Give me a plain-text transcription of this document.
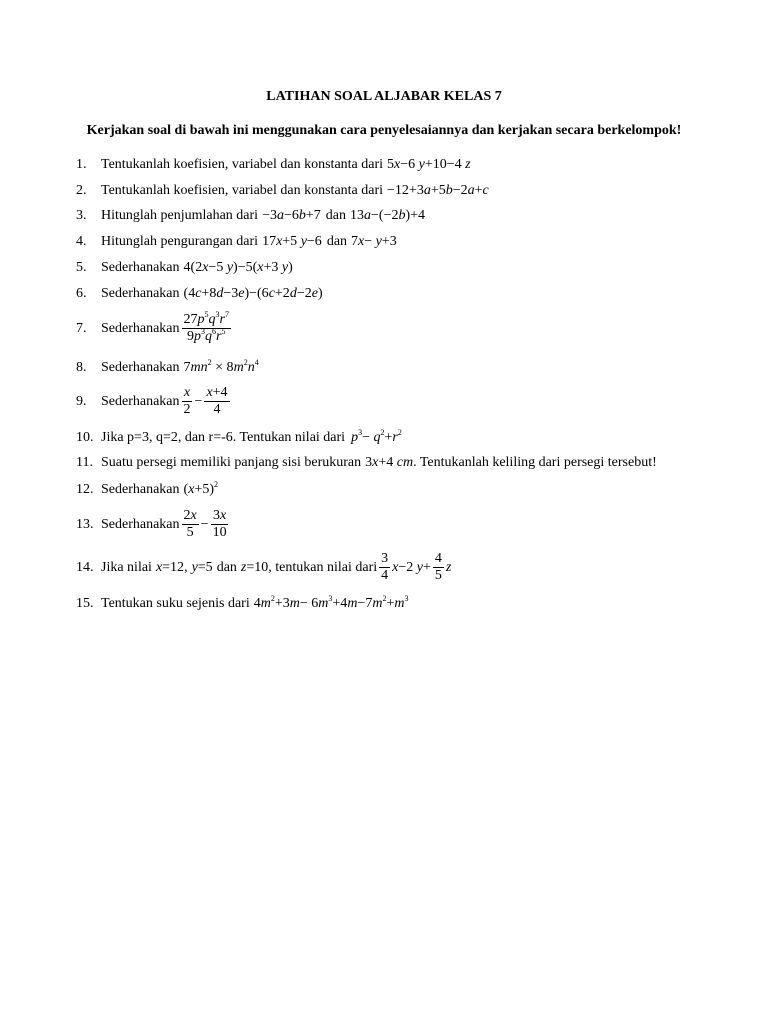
LATIHAN SOAL ALJABAR KELAS 7
Kerjakan soal di bawah ini menggunakan cara penyelesaiannya dan kerjakan secara berkelompok!
1.	Tentukanlah koefisien, variabel dan konstanta dari 5x−6 y+10−4 z
2.	Tentukanlah koefisien, variabel dan konstanta dari −12+3a+5b−2a+c
3.	Hitunglah penjumlahan dari −3a−6b+7 dan 13a−(−2b)+4
4.	Hitunglah pengurangan dari 17x+5 y−6 dan 7x− y+3
5.	Sederhanakan 4(2x−5 y)−5(x+3 y)
6.	Sederhanakan (4c+8d−3e)−(6c+2d−2e)
7.	Sederhanakan $\frac{27p^5q^3r^7}{9p^3q^6r^5}$
8.	Sederhanakan $7mn^2 \times 8m^2n^4$
9.	Sederhanakan $\frac{x}{2} - \frac{x+4}{4}$
10. Jika p=3, q=2, dan r=-6. Tentukan nilai dari $p^3- q^2+r^2$
11. Suatu persegi memiliki panjang sisi berukuran 3x+4 cm . Tentukanlah keliling dari persegi tersebut!
12. Sederhanakan $(x+5)^2$
13. Sederhanakan $\frac{2x}{5} - \frac{3x}{10}$
14. Jika nilai x=12 , y=5 dan z=10 , tentukan nilai dari $\frac{3}{4} x-2$ $y+ \frac{4}{5}$ z
15. Tentukan suku sejenis dari $4m^2+3m- 6m^3+4m-7m^2+m^3$
